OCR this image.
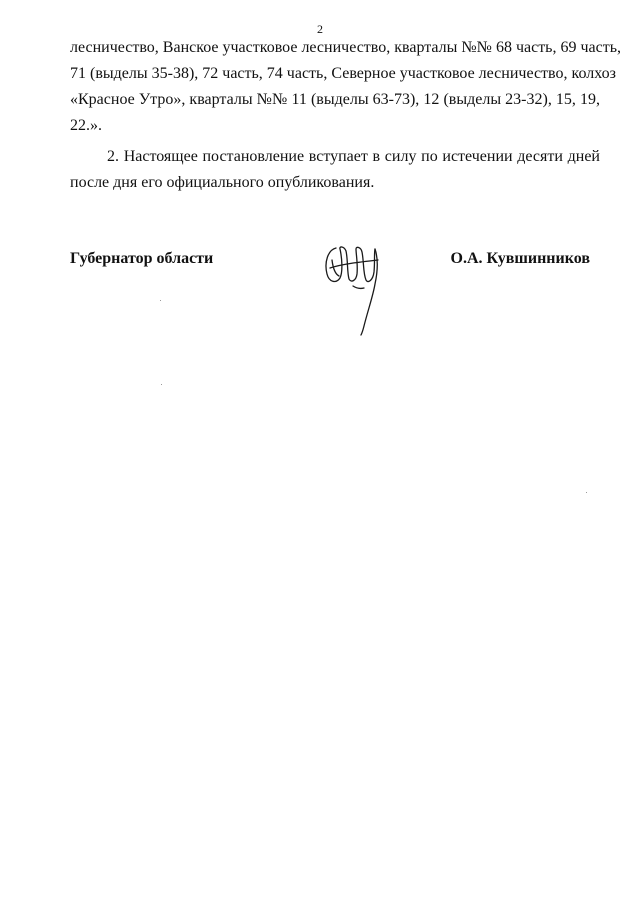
2
лесничество, Ванское участковое лесничество, кварталы №№ 68 часть, 69 часть,
71 (выделы 35-38), 72 часть, 74 часть, Северное участковое лесничество, колхоз
«Красное Утро», кварталы №№ 11 (выделы 63-73), 12 (выделы 23-32), 15, 19,
22.».
2. Настоящее постановление вступает в силу по истечении десяти дней
после дня его официального опубликования.
Губернатор области	О.А. Кувшинников
